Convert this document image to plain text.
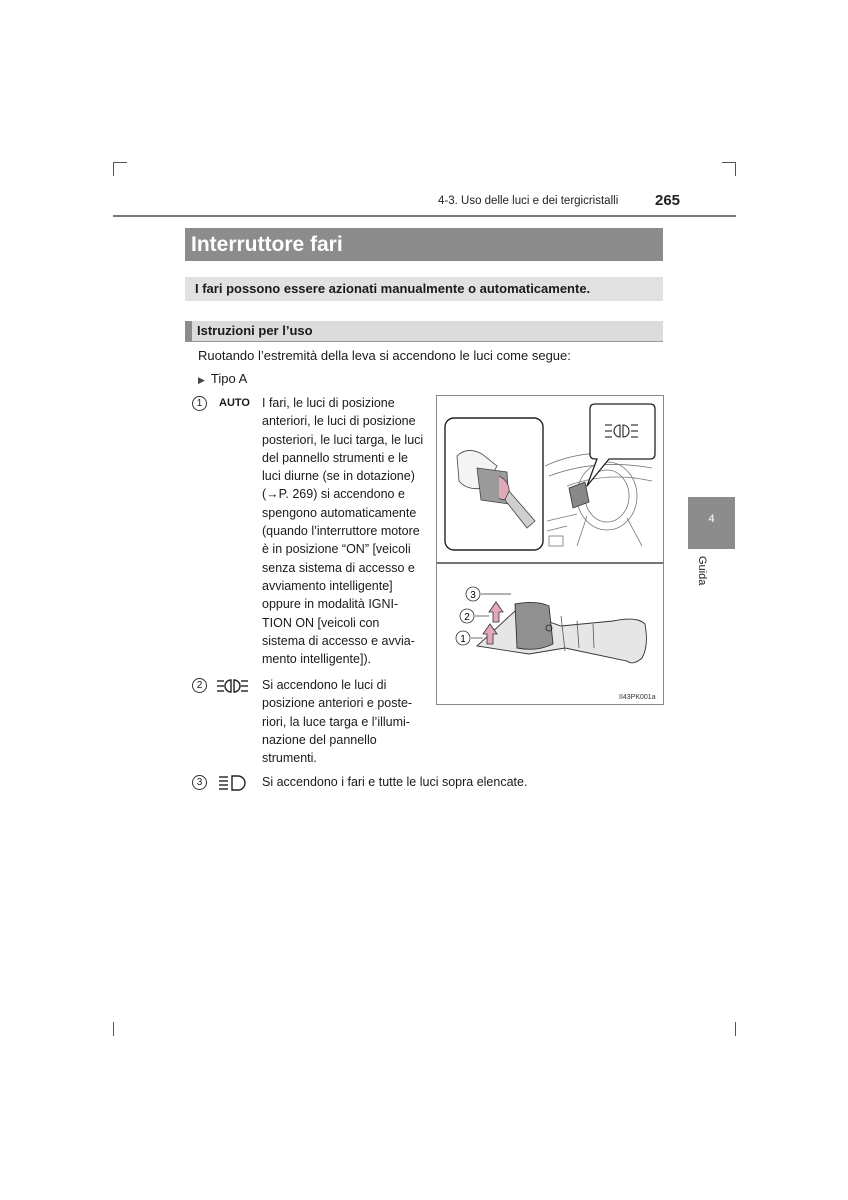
4-3. Uso delle luci e dei tergicristalli 265
Interruttore fari
I fari possono essere azionati manualmente o automaticamente.
Istruzioni per l’uso
Ruotando l’estremità della leva si accendono le luci come segue:
▶ Tipo A
1	AUTO I fari, le luci di posizione
anteriori, le luci di posizione
posteriori, le luci targa, le luci
del pannello strumenti e le
luci diurne (se in dotazione)
(→P. 269) si accendono e
spengono automaticamente
(quando l’interruttore motore
è in posizione “ON” [veicoli
senza sistema di accesso e
avviamento intelligente]
oppure in modalità IGNI-
TION ON [veicoli con
sistema di accesso e avvia-
mento intelligente]).
2	Si accendono le luci di
posizione anteriori e poste-
riori, la luce targa e l’illumi-
nazione del pannello
strumenti.
3	Si accendono i fari e tutte le luci sopra elencate.
3
2
1
II43PK001a
4
Guida
